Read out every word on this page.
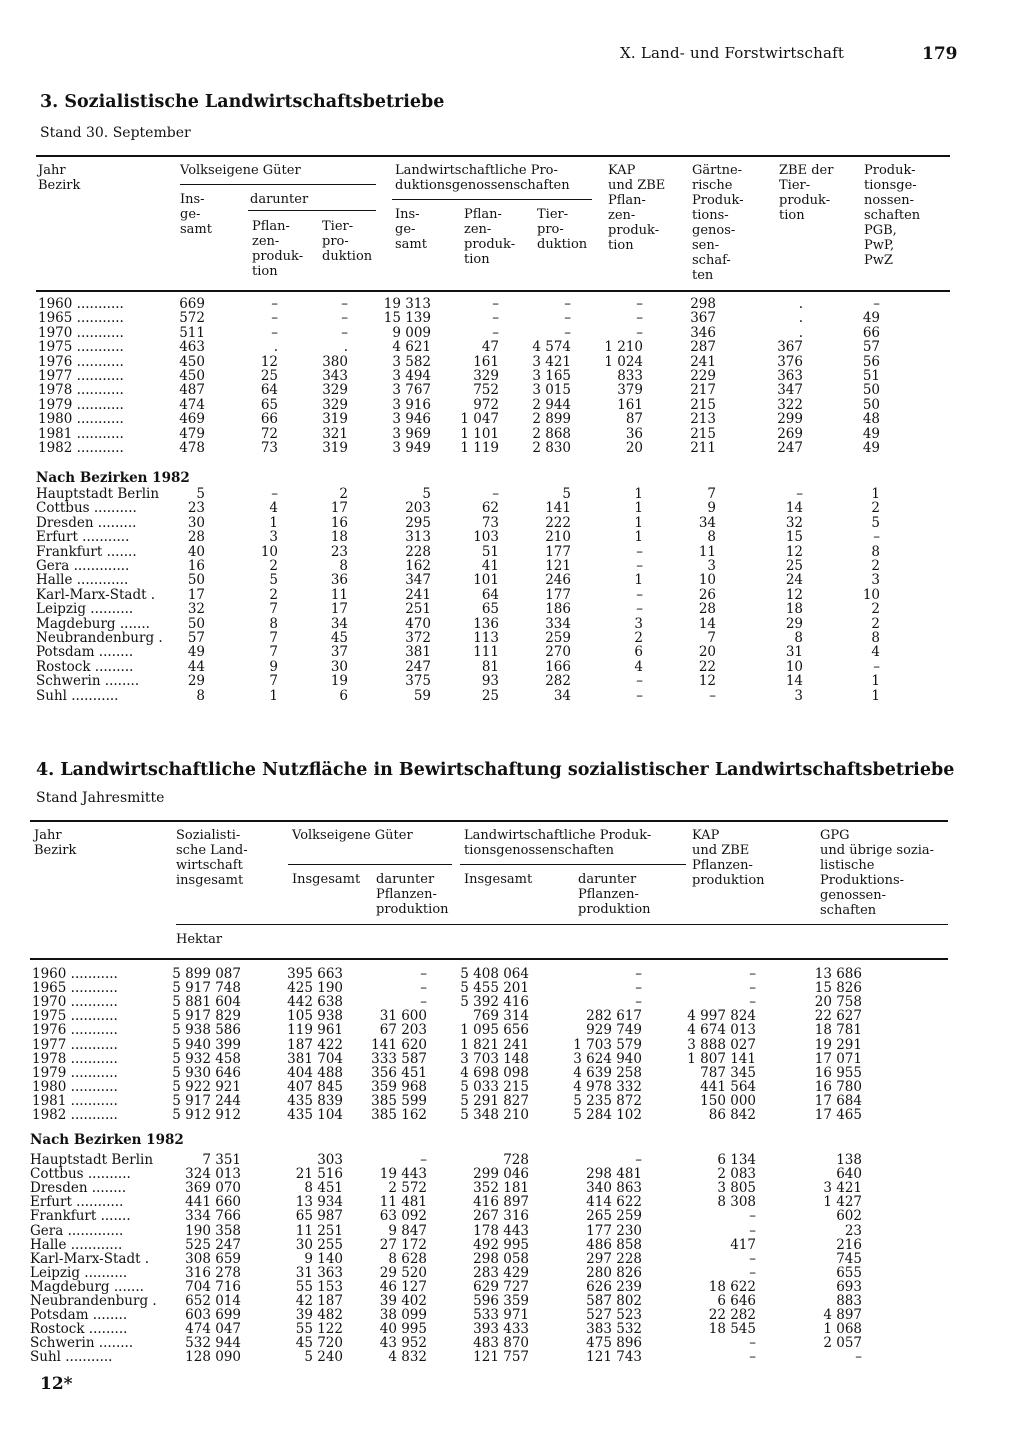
X. Land- und Forstwirtschaft	179
3. Sozialistische Landwirtschaftsbetriebe
Stand 30. September
Jahr
Bezirk
Volkseigene Güter
Ins-
ge-
samt
darunter
Pflan-
zen-
produk-
tion
Tier-
pro-
duktion
Landwirtschaftliche Pro-
duktionsgenossenschaften
Ins-
ge-
samt
Pflan-
zen-
produk-
tion
Tier-
pro-
duktion
KAP
und ZBE
Pflan-
zen-
produk-
tion
Gärtne-
rische
Produk-
tions-
genos-
sen-
schaf-
ten
ZBE der
Tier-
produk-
tion
Produk-
tionsge-
nossen-
schaften
PGB,
PwP,
PwZ
1960 ...........	669	–	–	19 313	–	–	–	298	.	–
1965 ...........	572	–	–	15 139	–	–	–	367	.	49
1970 ...........	511	–	–	9 009	–	–	–	346	.	66
1975 ...........	463	.	.	4 621	47	4 574	1 210	287	367	57
1976 ...........	450	12	380	3 582	161	3 421	1 024	241	376	56
1977 ...........	450	25	343	3 494	329	3 165	833	229	363	51
1978 ...........	487	64	329	3 767	752	3 015	379	217	347	50
1979 ...........	474	65	329	3 916	972	2 944	161	215	322	50
1980 ...........	469	66	319	3 946	1 047	2 899	87	213	299	48
1981 ...........	479	72	321	3 969	1 101	2 868	36	215	269	49
1982 ...........	478	73	319	3 949	1 119	2 830	20	211	247	49
Nach Bezirken 1982
Hauptstadt Berlin	5	–	2	5	–	5	1	7	–	1
Cottbus ..........	23	4	17	203	62	141	1	9	14	2
Dresden .........	30	1	16	295	73	222	1	34	32	5
Erfurt ...........	28	3	18	313	103	210	1	8	15	–
Frankfurt .......	40	10	23	228	51	177	–	11	12	8
Gera .............	16	2	8	162	41	121	–	3	25	2
Halle ............	50	5	36	347	101	246	1	10	24	3
Karl-Marx-Stadt .	17	2	11	241	64	177	–	26	12	10
Leipzig ..........	32	7	17	251	65	186	–	28	18	2
Magdeburg .......	50	8	34	470	136	334	3	14	29	2
Neubrandenburg .	57	7	45	372	113	259	2	7	8	8
Potsdam ........	49	7	37	381	111	270	6	20	31	4
Rostock .........	44	9	30	247	81	166	4	22	10	–
Schwerin ........	29	7	19	375	93	282	–	12	14	1
Suhl ...........	8	1	6	59	25	34	–	–	3	1
4. Landwirtschaftliche Nutzfläche in Bewirtschaftung sozialistischer Landwirtschaftsbetriebe
Stand Jahresmitte
Jahr
Bezirk
Sozialisti-
sche Land-
wirtschaft
insgesamt
Volkseigene Güter
Insgesamt darunter
Pflanzen-
produktion
Landwirtschaftliche Produk-
tionsgenossenschaften
Insgesamt	darunter
Pflanzen-
produktion
KAP
und ZBE
Pflanzen-
produktion
GPG
und übrige sozia-
listische
Produktions-
genossen-
schaften
Hektar
1960 ...........	5 899 087	395 663	–	5 408 064	–	–	13 686
1965 ...........	5 917 748	425 190	–	5 455 201	–	–	15 826
1970 ...........	5 881 604	442 638	–	5 392 416	–	–	20 758
1975 ...........	5 917 829	105 938	31 600	769 314	282 617	4 997 824	22 627
1976 ...........	5 938 586	119 961	67 203	1 095 656	929 749	4 674 013	18 781
1977 ...........	5 940 399	187 422	141 620	1 821 241	1 703 579	3 888 027	19 291
1978 ...........	5 932 458	381 704	333 587	3 703 148	3 624 940	1 807 141	17 071
1979 ...........	5 930 646	404 488	356 451	4 698 098	4 639 258	787 345	16 955
1980 ...........	5 922 921	407 845	359 968	5 033 215	4 978 332	441 564	16 780
1981 ...........	5 917 244	435 839	385 599	5 291 827	5 235 872	150 000	17 684
1982 ...........	5 912 912	435 104	385 162	5 348 210	5 284 102	86 842	17 465
Nach Bezirken 1982
Hauptstadt Berlin	7 351	303	–	728	–	6 134	138
Cottbus ..........	324 013	21 516	19 443	299 046	298 481	2 083	640
Dresden ........	369 070	8 451	2 572	352 181	340 863	3 805	3 421
Erfurt ...........	441 660	13 934	11 481	416 897	414 622	8 308	1 427
Frankfurt .......	334 766	65 987	63 092	267 316	265 259	–	602
Gera .............	190 358	11 251	9 847	178 443	177 230	–	23
Halle ............	525 247	30 255	27 172	492 995	486 858	417	216
Karl-Marx-Stadt .	308 659	9 140	8 628	298 058	297 228	–	745
Leipzig ..........	316 278	31 363	29 520	283 429	280 826	–	655
Magdeburg .......	704 716	55 153	46 127	629 727	626 239	18 622	693
Neubrandenburg .	652 014	42 187	39 402	596 359	587 802	6 646	883
Potsdam ........	603 699	39 482	38 099	533 971	527 523	22 282	4 897
Rostock .........	474 047	55 122	40 995	393 433	383 532	18 545	1 068
Schwerin ........	532 944	45 720	43 952	483 870	475 896	–	2 057
Suhl ...........	128 090	5 240	4 832	121 757	121 743	–	–
12*
